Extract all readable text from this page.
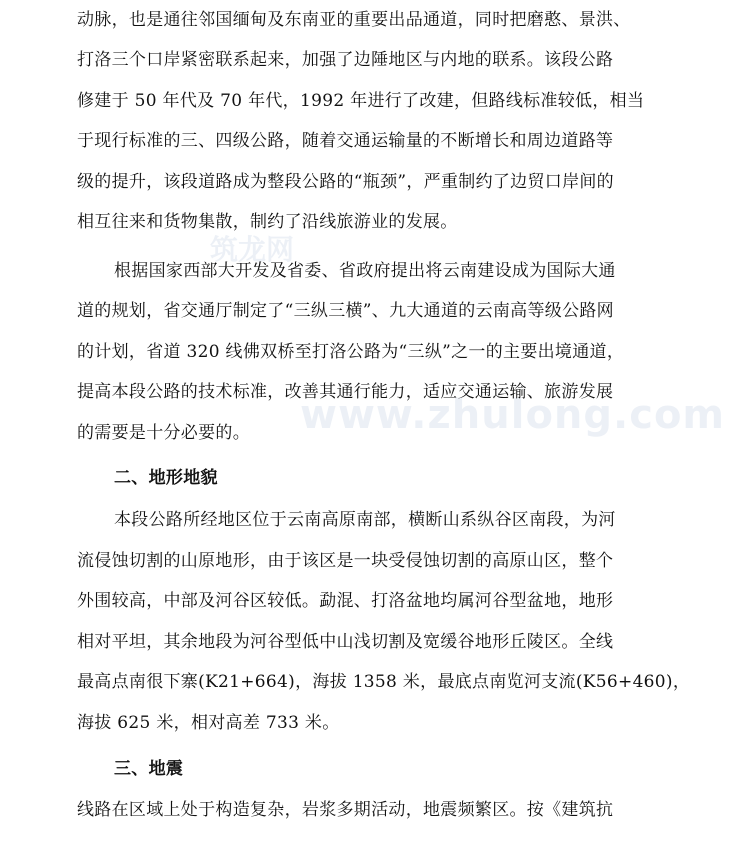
筑龙网
www.zhulong.com
动脉，也是通往邻国缅甸及东南亚的重要出品通道，同时把磨憨、景洪、
打洛三个口岸紧密联系起来，加强了边陲地区与内地的联系。该段公路
修建于 50 年代及 70 年代，1992 年进行了改建，但路线标准较低，相当
于现行标准的三、四级公路，随着交通运输量的不断增长和周边道路等
级的提升，该段道路成为整段公路的“瓶颈”，严重制约了边贸口岸间的
相互往来和货物集散，制约了沿线旅游业的发展。
根据国家西部大开发及省委、省政府提出将云南建设成为国际大通
道的规划，省交通厅制定了“三纵三横”、九大通道的云南高等级公路网
的计划，省道 320 线佛双桥至打洛公路为“三纵”之一的主要出境通道，
提高本段公路的技术标准，改善其通行能力，适应交通运输、旅游发展
的需要是十分必要的。
二、地形地貌
本段公路所经地区位于云南高原南部，横断山系纵谷区南段，为河
流侵蚀切割的山原地形，由于该区是一块受侵蚀切割的高原山区，整个
外围较高，中部及河谷区较低。勐混、打洛盆地均属河谷型盆地，地形
相对平坦，其余地段为河谷型低中山浅切割及宽缓谷地形丘陵区。全线
最高点南很下寨(K21+664)，海拔 1358 米，最底点南览河支流(K56+460)，
海拔 625 米，相对高差 733 米。
三、地震
线路在区域上处于构造复杂，岩浆多期活动，地震频繁区。按《建筑抗
